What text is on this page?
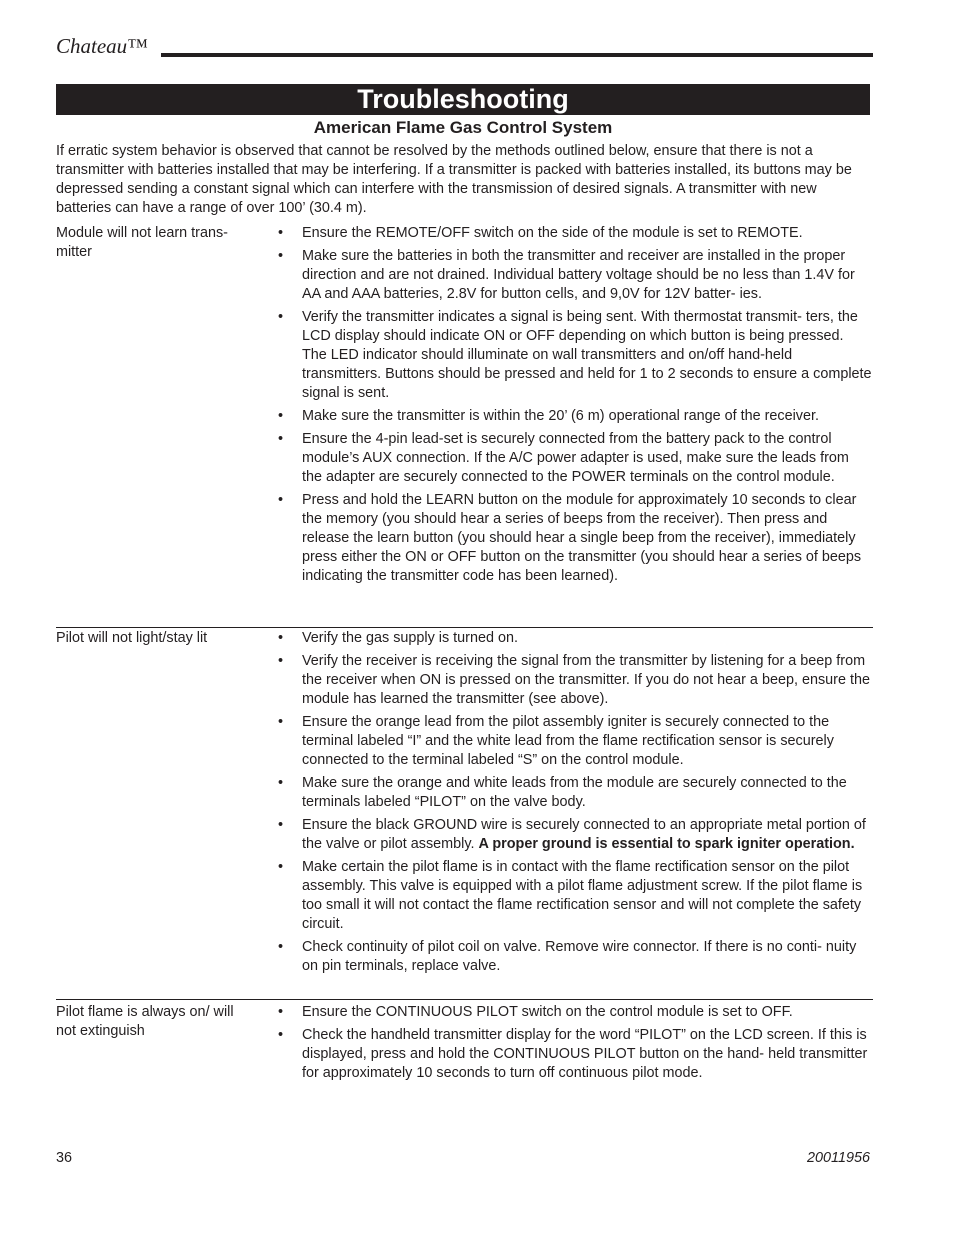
Chateau™
Troubleshooting
American Flame Gas Control System
If erratic system behavior is observed that cannot be resolved by the methods outlined below, ensure that there is not a transmitter with batteries installed that may be interfering. If a transmitter is packed with batteries installed, its buttons may be depressed sending a constant signal which can interfere with the transmission of desired signals. A transmitter with new batteries can have a range of over 100’ (30.4 m).
Module will not learn trans- mitter
• Ensure the REMOTE/OFF switch on the side of the module is set to REMOTE.
• Make sure the batteries in both the transmitter and receiver are installed in the proper direction and are not drained. Individual battery voltage should be no less than 1.4V for AA and AAA batteries, 2.8V for button cells, and 9,0V for 12V batter- ies.
• Verify the transmitter indicates a signal is being sent. With thermostat transmit- ters, the LCD display should indicate ON or OFF depending on which button is being pressed. The LED indicator should illuminate on wall transmitters and on/off hand-held transmitters. Buttons should be pressed and held for 1 to 2 seconds to ensure a complete signal is sent.
• Make sure the transmitter is within the 20’ (6 m) operational range of the receiver.
• Ensure the 4-pin lead-set is securely connected from the battery pack to the control module’s AUX connection. If the A/C power adapter is used, make sure the leads from the adapter are securely connected to the POWER terminals on the control module.
• Press and hold the LEARN button on the module for approximately 10 seconds to clear the memory (you should hear a series of beeps from the receiver). Then press and release the learn button (you should hear a single beep from the receiver), immediately press either the ON or OFF button on the transmitter (you should hear a series of beeps indicating the transmitter code has been learned).
Pilot will not light/stay lit	• Verify the gas supply is turned on.
• Verify the receiver is receiving the signal from the transmitter by listening for a beep from the receiver when ON is pressed on the transmitter. If you do not hear a beep, ensure the module has learned the transmitter (see above).
• Ensure the orange lead from the pilot assembly igniter is securely connected to the terminal labeled “I” and the white lead from the flame rectification sensor is securely connected to the terminal labeled “S” on the control module.
• Make sure the orange and white leads from the module are securely connected to the terminals labeled “PILOT” on the valve body.
• Ensure the black GROUND wire is securely connected to an appropriate metal portion of the valve or pilot assembly. A proper ground is essential to spark igniter operation.
• Make certain the pilot flame is in contact with the flame rectification sensor on the pilot assembly. This valve is equipped with a pilot flame adjustment screw. If the pilot flame is too small it will not contact the flame rectification sensor and will not complete the safety circuit.
• Check continuity of pilot coil on valve. Remove wire connector. If there is no conti- nuity on pin terminals, replace valve.
Pilot flame is always on/ will not extinguish
• Ensure the CONTINUOUS PILOT switch on the control module is set to OFF.
• Check the handheld transmitter display for the word “PILOT” on the LCD screen. If this is displayed, press and hold the CONTINUOUS PILOT button on the hand- held transmitter for approximately 10 seconds to turn off continuous pilot mode.
36	20011956
